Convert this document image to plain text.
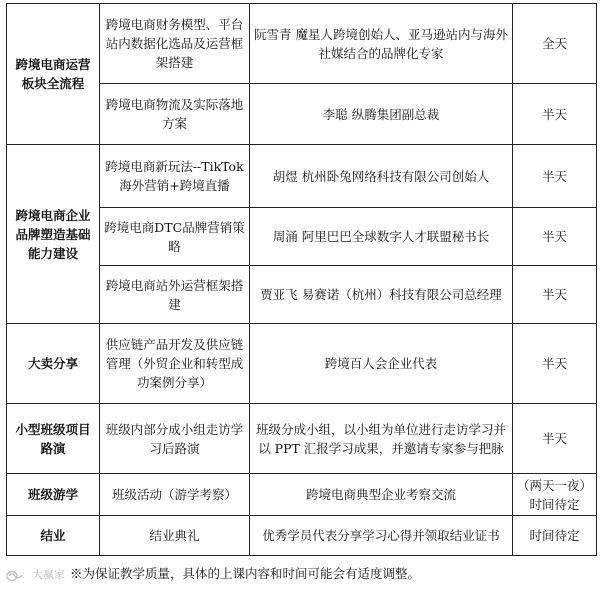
跨境电商运营板块全流程	跨境电商财务模型、平台站内数据化选品及运营框架搭建	阮雪青 魔星人跨境创始人、亚马逊站内与海外社媒结合的品牌化专家	全天
	跨境电商物流及实际落地方案	李聪 纵腾集团副总裁	半天
跨境电商企业品牌塑造基础能力建设	跨境电商新玩法--TikTok 海外营销+跨境直播	胡煜 杭州卧兔网络科技有限公司创始人	半天
	跨境电商DTC品牌营销策略	周涌 阿里巴巴全球数字人才联盟秘书长	半天
	跨境电商站外运营框架搭建	贾亚飞 易赛诺（杭州）科技有限公司总经理	半天
大卖分享	供应链产品开发及供应链管理（外贸企业和转型成功案例分享）	跨境百人会企业代表	半天
小型班级项目路演	班级内部分成小组走访学习后路演	班级分成小组，以小组为单位进行走访学习并以 PPT 汇报学习成果，并邀请专家参与把脉	半天
班级游学	班级活动（游学考察）	跨境电商典型企业考察交流	（两天一夜）时间待定
结业	结业典礼	优秀学员代表分享学习心得并领取结业证书	时间待定
大赢家 ※为保证教学质量，具体的上课内容和时间可能会有适度调整。
